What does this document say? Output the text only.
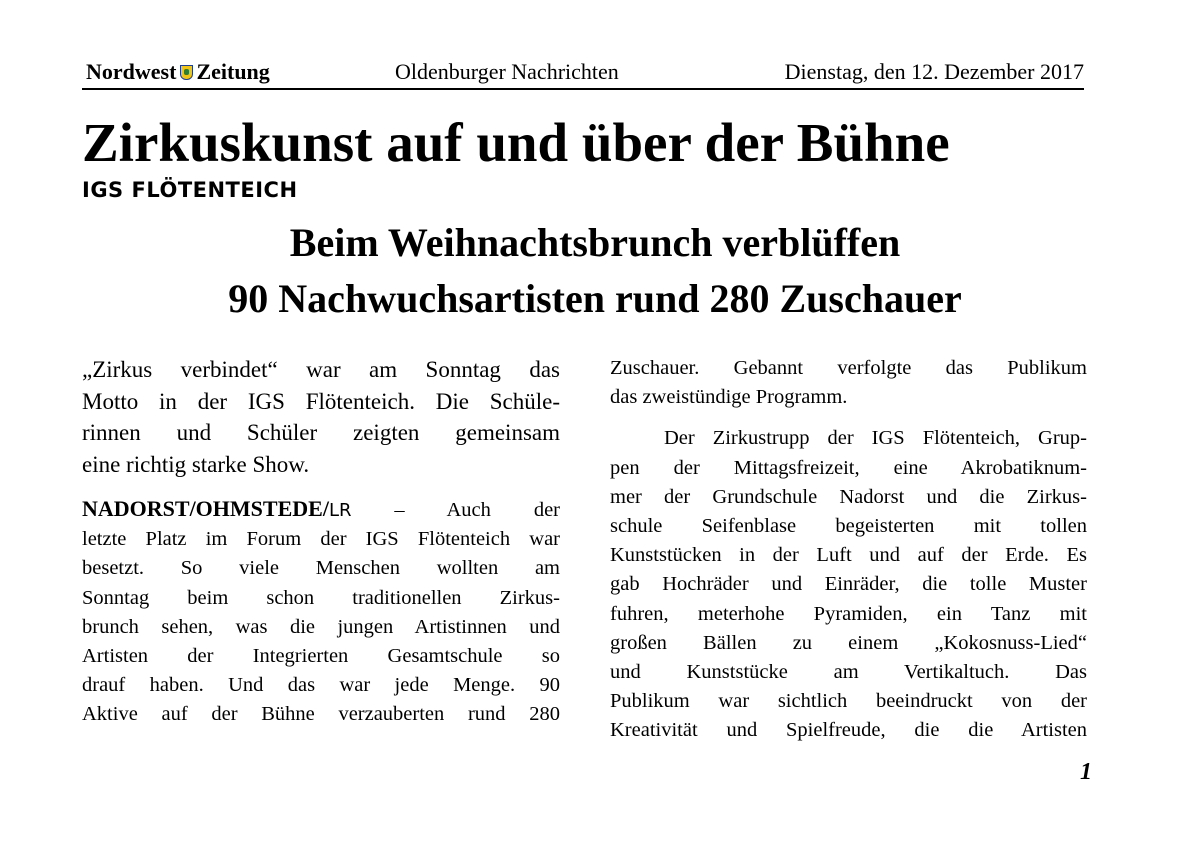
Nordwest Zeitung	Oldenburger Nachrichten	Dienstag, den 12. Dezember 2017
Zirkuskunst auf und über der Bühne
IGS FLÖTENTEICH
Beim Weihnachtsbrunch verblüffen
90 Nachwuchsartisten rund 280 Zuschauer

„Zirkus verbindet“ war am Sonntag das
Motto in der IGS Flötenteich. Die Schüle-
rinnen und Schüler zeigten gemeinsam
eine richtig starke Show.

NADORST/OHMSTEDE/LR – Auch der
letzte Platz im Forum der IGS Flötenteich war
besetzt. So viele Menschen wollten am
Sonntag beim schon traditionellen Zirkus-
brunch sehen, was die jungen Artistinnen und
Artisten der Integrierten Gesamtschule so
drauf haben. Und das war jede Menge. 90
Aktive auf der Bühne verzauberten rund 280

Zuschauer. Gebannt verfolgte das Publikum
das zweistündige Programm.

Der Zirkustrupp der IGS Flötenteich, Grup-
pen der Mittagsfreizeit, eine Akrobatiknum-
mer der Grundschule Nadorst und die Zirkus-
schule Seifenblase begeisterten mit tollen
Kunststücken in der Luft und auf der Erde. Es
gab Hochräder und Einräder, die tolle Muster
fuhren, meterhohe Pyramiden, ein Tanz mit
großen Bällen zu einem „Kokosnuss-Lied“
und Kunststücke am Vertikaltuch. Das
Publikum war sichtlich beeindruckt von der
Kreativität und Spielfreude, die die Artisten

1
